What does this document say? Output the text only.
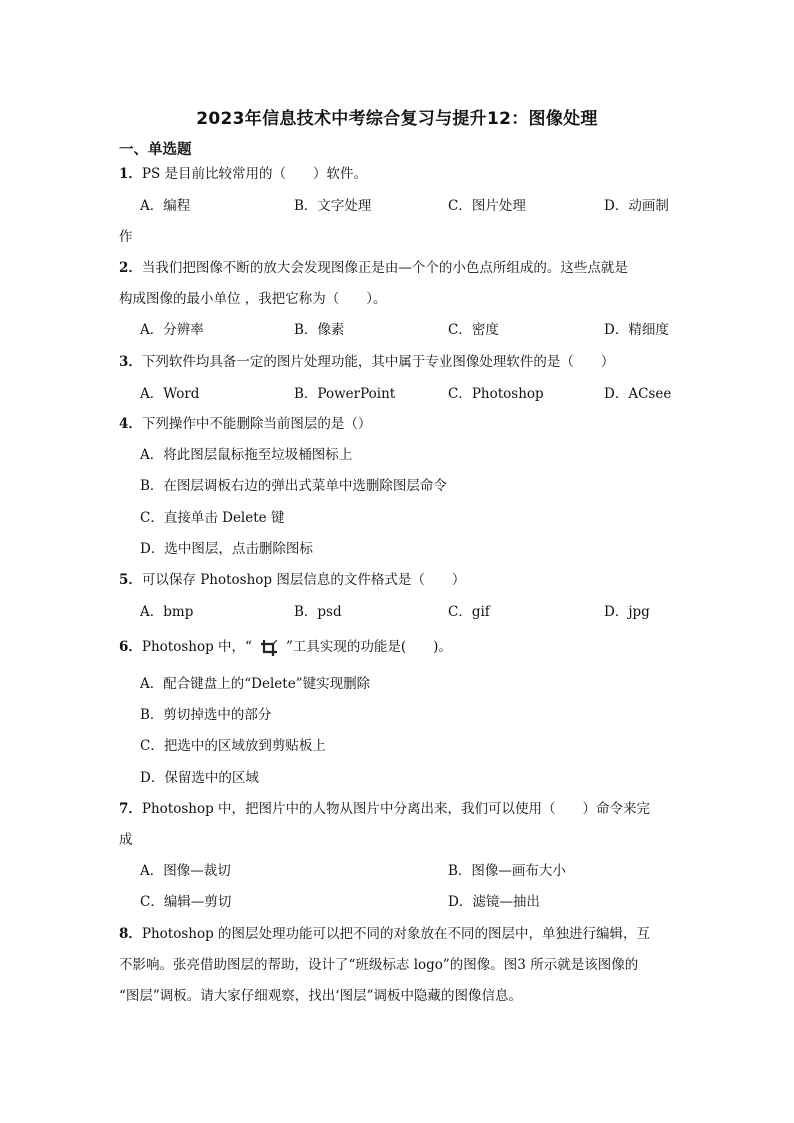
2023年信息技术中考综合复习与提升12：图像处理
一、单选题
1．PS 是目前比较常用的（　　）软件。
A．编程	B．文字处理	C．图片处理	D．动画制
作
2．当我们把图像不断的放大会发现图像正是由—个个的小色点所组成的。这些点就是
构成图像的最小单位 ，我把它称为（　　）。
A．分辨率	B．像素	C．密度	D．精细度
3．下列软件均具备一定的图片处理功能，其中属于专业图像处理软件的是（　　）
A．Word	B．PowerPoint	C．Photoshop	D．ACsee
4．下列操作中不能删除当前图层的是（）
A．将此图层鼠标拖至垃圾桶图标上
B．在图层调板右边的弹出式菜单中选删除图层命令
C．直接单击 Delete 键
D．选中图层，点击删除图标
5．可以保存 Photoshop 图层信息的文件格式是（　　）
A．bmp	B．psd	C．gif	D．jpg
6．Photoshop 中，“	”工具实现的功能是(　　)。
A．配合键盘上的“Delete”键实现删除
B．剪切掉选中的部分
C．把选中的区域放到剪贴板上
D．保留选中的区域
7．Photoshop 中，把图片中的人物从图片中分离出来，我们可以使用（　　）命令来完
成
A．图像—裁切	B．图像—画布大小
C．编辑—剪切	D．滤镜—抽出
8．Photoshop 的图层处理功能可以把不同的对象放在不同的图层中，单独进行编辑，互
不影响。张亮借助图层的帮助，设计了“班级标志 logo”的图像。图3 所示就是该图像的
“图层”调板。请大家仔细观察，找出‘图层”调板中隐藏的图像信息。
